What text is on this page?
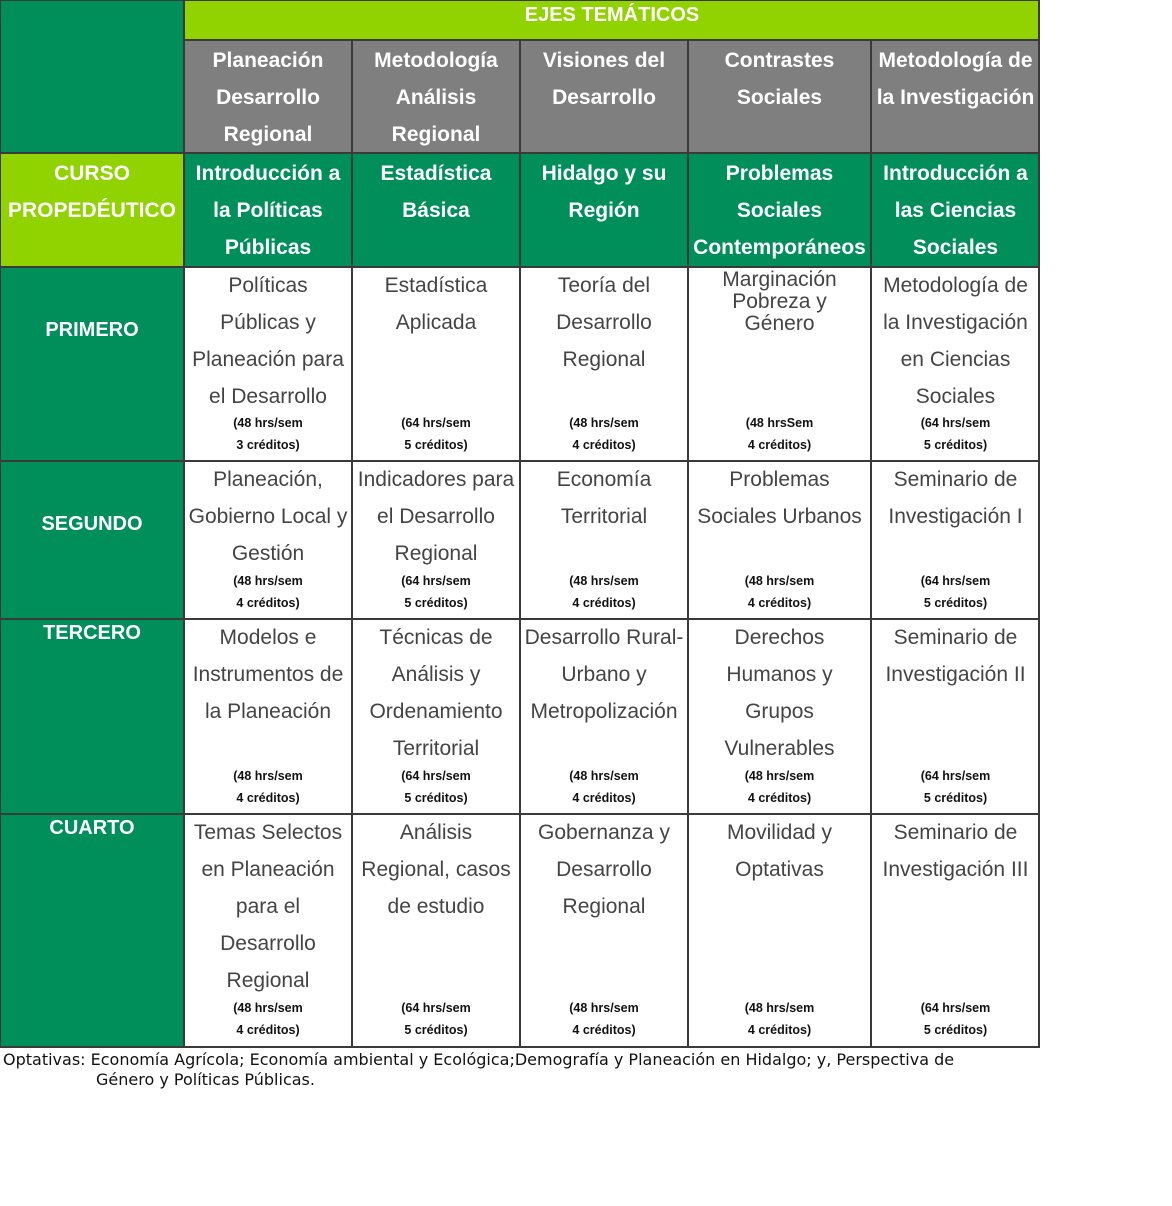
EJES TEMÁTICOS
Planeación
Desarrollo
Regional
Metodología
Análisis
Regional
Visiones del
Desarrollo
Contrastes
Sociales
Metodología de
la Investigación
CURSO
PROPEDÉUTICO
Introducción a
la Políticas
Públicas
Estadística
Básica
Hidalgo y su
Región
Problemas
Sociales
Contemporáneos
Introducción a
las Ciencias
Sociales
PRIMERO
Políticas
Públicas y
Planeación para
el Desarrollo
(48 hrs/sem
3 créditos)
Estadística
Aplicada
(64 hrs/sem
5 créditos)
Teoría del
Desarrollo
Regional
(48 hrs/sem
4 créditos)
Marginación
Pobreza y
Género
(48 hrsSem
4 créditos)
Metodología de
la Investigación
en Ciencias
Sociales
(64 hrs/sem
5 créditos)
SEGUNDO
Planeación,
Gobierno Local y
Gestión
(48 hrs/sem
4 créditos)
Indicadores para
el Desarrollo
Regional
(64 hrs/sem
5 créditos)
Economía
Territorial
(48 hrs/sem
4 créditos)
Problemas
Sociales Urbanos
(48 hrs/sem
4 créditos)
Seminario de
Investigación I
(64 hrs/sem
5 créditos)
TERCERO	Modelos e
Instrumentos de
la Planeación
(48 hrs/sem
4 créditos)
Técnicas de
Análisis y
Ordenamiento
Territorial
(64 hrs/sem
5 créditos)
Desarrollo Rural-
Urbano y
Metropolización
(48 hrs/sem
4 créditos)
Derechos
Humanos y
Grupos
Vulnerables
(48 hrs/sem
4 créditos)
Seminario de
Investigación II
(64 hrs/sem
5 créditos)
CUARTO	Temas Selectos
en Planeación
para el
Desarrollo
Regional
(48 hrs/sem
4 créditos)
Análisis
Regional, casos
de estudio
(64 hrs/sem
5 créditos)
Gobernanza y
Desarrollo
Regional
(48 hrs/sem
4 créditos)
Movilidad y
Optativas
(48 hrs/sem
4 créditos)
Seminario de
Investigación III
(64 hrs/sem
5 créditos)
Optativas: Economía Agrícola; Economía ambiental y Ecológica;Demografía y Planeación en Hidalgo; y, Perspectiva de
Género y Políticas Públicas.
